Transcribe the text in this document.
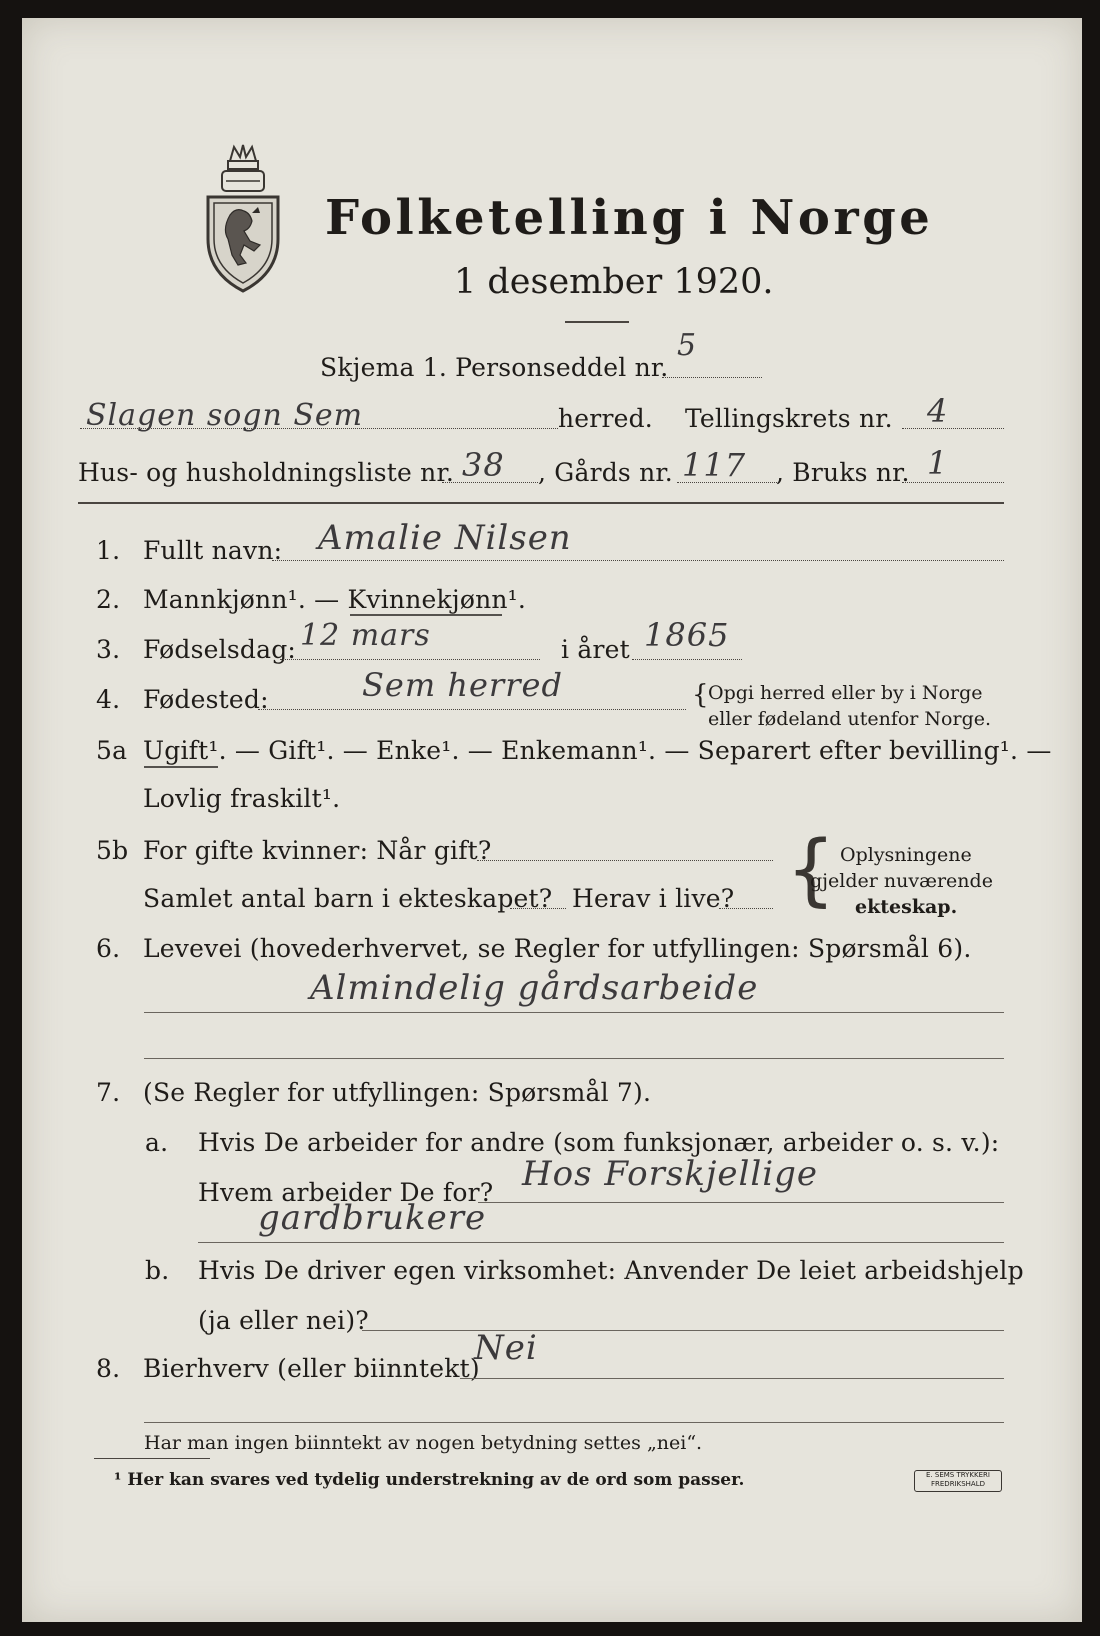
Folketelling i Norge
1 desember 1920.
Skjema 1. Personseddel nr.
5
Slagen sogn Sem	herred. Tellingskrets nr. 4
Hus- og husholdningsliste nr. 38 , Gårds nr. 117 , Bruks nr. 1
1. Fullt navn: Amalie Nilsen
2. Mannkjønn¹. — Kvinnekjønn¹.
3. Fødselsdag: 12 mars	i året 1865
4. Fødested:	Sem herred	{ Opgi herred eller by i Norge
eller fødeland utenfor Norge.
5a Ugift¹. — Gift¹. — Enke¹. — Enkemann¹. — Separert efter bevilling¹. —
Lovlig fraskilt¹.
5b For gifte kvinner: Når gift?
Samlet antal barn i ekteskapet? Herav i live? { Oplysningene
gjelder nuværende
ekteskap.
6. Levevei (hovederhvervet, se Regler for utfyllingen: Spørsmål 6).
Almindelig gårdsarbeide
7. (Se Regler for utfyllingen: Spørsmål 7).
a. Hvis De arbeider for andre (som funksjonær, arbeider o. s. v.):
Hvem arbeider De for? Hos Forskjellige
gardbrukere
b. Hvis De driver egen virksomhet: Anvender De leiet arbeidshjelp
(ja eller nei)?
8. Bierhverv (eller biinntekt)
Nei
Har man ingen biinntekt av nogen betydning settes „nei“.
¹ Her kan svares ved tydelig understrekning av de ord som passer.	E. SEMS TRYKKERI FREDRIKSHALD
